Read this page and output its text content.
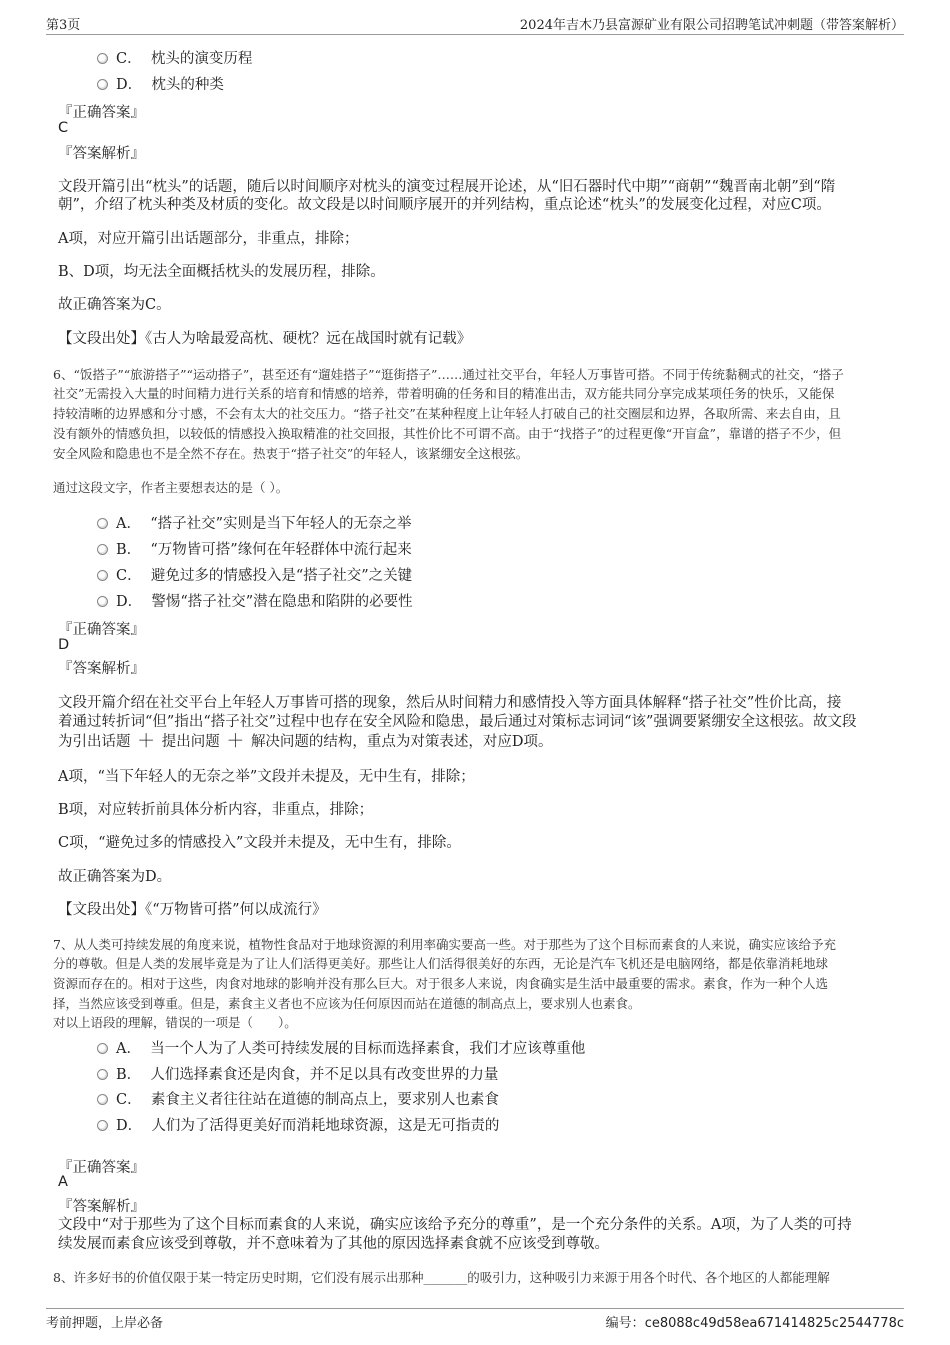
第3页	2024年吉木乃县富源矿业有限公司招聘笔试冲刺题（带答案解析）
C． 枕头的演变历程
D． 枕头的种类
『正确答案』
C
『答案解析』
文段开篇引出“枕头”的话题，随后以时间顺序对枕头的演变过程展开论述，从“旧石器时代中期”“商朝”“魏晋南北朝”到“隋
朝”，介绍了枕头种类及材质的变化。故文段是以时间顺序展开的并列结构，重点论述“枕头”的发展变化过程，对应C项。
A项，对应开篇引出话题部分，非重点，排除；
B、D项，均无法全面概括枕头的发展历程，排除。
故正确答案为C。
【文段出处】《古人为啥最爱高枕、硬枕？远在战国时就有记载》
6、“饭搭子”“旅游搭子”“运动搭子”，甚至还有“遛娃搭子”“逛街搭子”……通过社交平台，年轻人万事皆可搭。不同于传统黏稠式的社交，“搭子
社交”无需投入大量的时间精力进行关系的培育和情感的培养，带着明确的任务和目的精准出击，双方能共同分享完成某项任务的快乐，又能保
持较清晰的边界感和分寸感，不会有太大的社交压力。“搭子社交”在某种程度上让年轻人打破自己的社交圈层和边界，各取所需、来去自由，且
没有额外的情感负担，以较低的情感投入换取精准的社交回报，其性价比不可谓不高。由于“找搭子”的过程更像“开盲盒”，靠谱的搭子不少，但
安全风险和隐患也不是全然不存在。热衷于“搭子社交”的年轻人，该紧绷安全这根弦。
通过这段文字，作者主要想表达的是（ ）。
A． “搭子社交”实则是当下年轻人的无奈之举
B． “万物皆可搭”缘何在年轻群体中流行起来
C． 避免过多的情感投入是“搭子社交”之关键
D． 警惕“搭子社交”潜在隐患和陷阱的必要性
『正确答案』
D
『答案解析』
文段开篇介绍在社交平台上年轻人万事皆可搭的现象，然后从时间精力和感情投入等方面具体解释“搭子社交”性价比高，接
着通过转折词“但”指出“搭子社交”过程中也存在安全风险和隐患，最后通过对策标志词词“该”强调要紧绷安全这根弦。故文段
为引出话题 ＋ 提出问题 ＋ 解决问题的结构，重点为对策表述，对应D项。
A项，“当下年轻人的无奈之举”文段并未提及，无中生有，排除；
B项，对应转折前具体分析内容，非重点，排除；
C项，“避免过多的情感投入”文段并未提及，无中生有，排除。
故正确答案为D。
【文段出处】《“万物皆可搭”何以成流行》
7、从人类可持续发展的角度来说，植物性食品对于地球资源的利用率确实要高一些。对于那些为了这个目标而素食的人来说，确实应该给予充
分的尊敬。但是人类的发展毕竟是为了让人们活得更美好。那些让人们活得很美好的东西，无论是汽车飞机还是电脑网络，都是依靠消耗地球
资源而存在的。相对于这些，肉食对地球的影响并没有那么巨大。对于很多人来说，肉食确实是生活中最重要的需求。素食，作为一种个人选
择，当然应该受到尊重。但是，素食主义者也不应该为任何原因而站在道德的制高点上，要求别人也素食。
对以上语段的理解，错误的一项是（　　）。
A． 当一个人为了人类可持续发展的目标而选择素食，我们才应该尊重他
B． 人们选择素食还是肉食，并不足以具有改变世界的力量
C． 素食主义者往往站在道德的制高点上，要求别人也素食
D． 人们为了活得更美好而消耗地球资源，这是无可指责的
『正确答案』
A
『答案解析』
文段中“对于那些为了这个目标而素食的人来说，确实应该给予充分的尊重”，是一个充分条件的关系。A项，为了人类的可持
续发展而素食应该受到尊敬，并不意味着为了其他的原因选择素食就不应该受到尊敬。
8、许多好书的价值仅限于某一特定历史时期，它们没有展示出那种_______的吸引力，这种吸引力来源于用各个时代、各个地区的人都能理解
考前押题，上岸必备	编号：ce8088c49d58ea671414825c2544778c
